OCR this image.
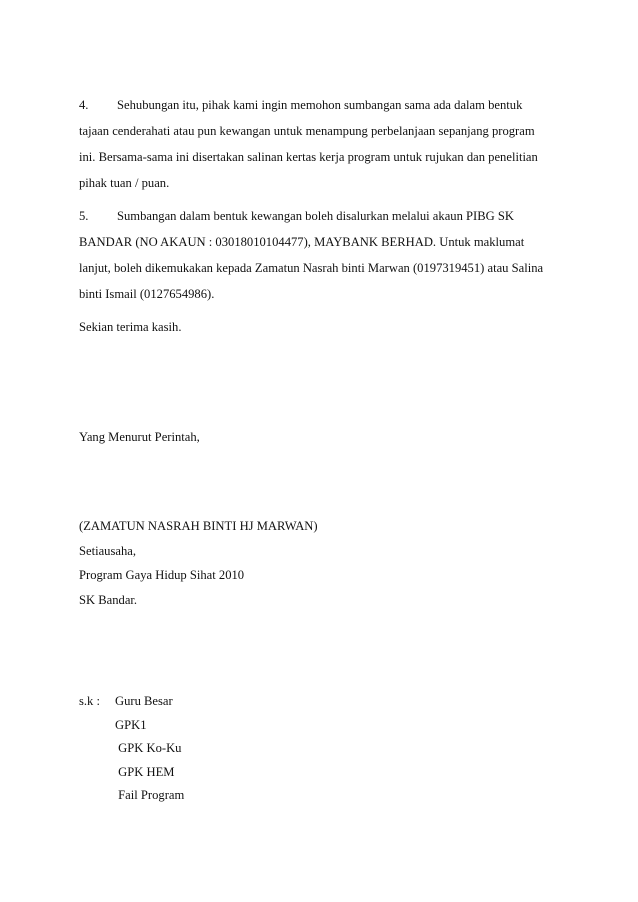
4. Sehubungan itu, pihak kami ingin memohon sumbangan sama ada dalam bentuk
tajaan cenderahati atau pun kewangan untuk menampung perbelanjaan sepanjang program
ini. Bersama-sama ini disertakan salinan kertas kerja program untuk rujukan dan penelitian
pihak tuan / puan.
5. Sumbangan dalam bentuk kewangan boleh disalurkan melalui akaun PIBG SK
BANDAR (NO AKAUN : 03018010104477), MAYBANK BERHAD. Untuk maklumat
lanjut, boleh dikemukakan kepada Zamatun Nasrah binti Marwan (0197319451) atau Salina
binti Ismail (0127654986).
Sekian terima kasih.
Yang Menurut Perintah,
(ZAMATUN NASRAH BINTI HJ MARWAN)
Setiausaha,
Program Gaya Hidup Sihat 2010
SK Bandar.
s.k : Guru Besar
GPK1
GPK Ko-Ku
GPK HEM
Fail Program
